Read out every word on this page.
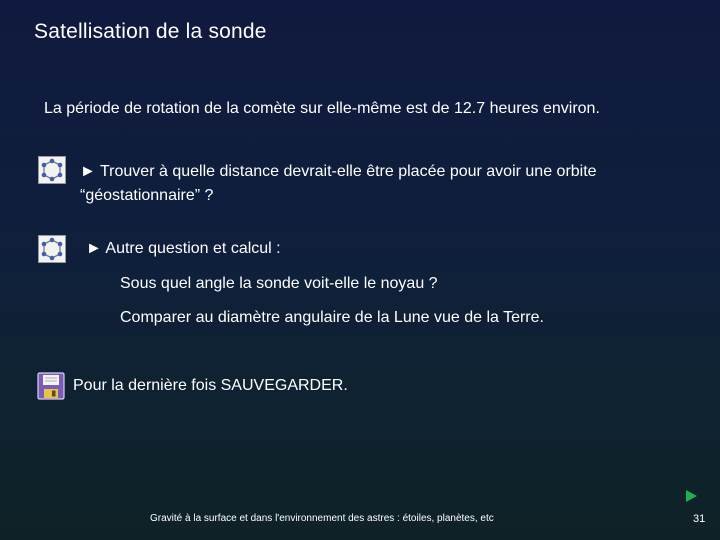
Satellisation de la sonde
La période de rotation de la comète sur elle-même est de 12.7 heures environ.
► Trouver à quelle distance devrait-elle être placée pour avoir une orbite
“géostationnaire” ?
► Autre question et calcul :
Sous quel angle la sonde voit-elle le noyau ?
Comparer au diamètre angulaire de la Lune vue de la Terre.
Pour la dernière fois SAUVEGARDER.
Gravité à la surface et dans l'environnement des astres : étoiles, planètes, etc	31
